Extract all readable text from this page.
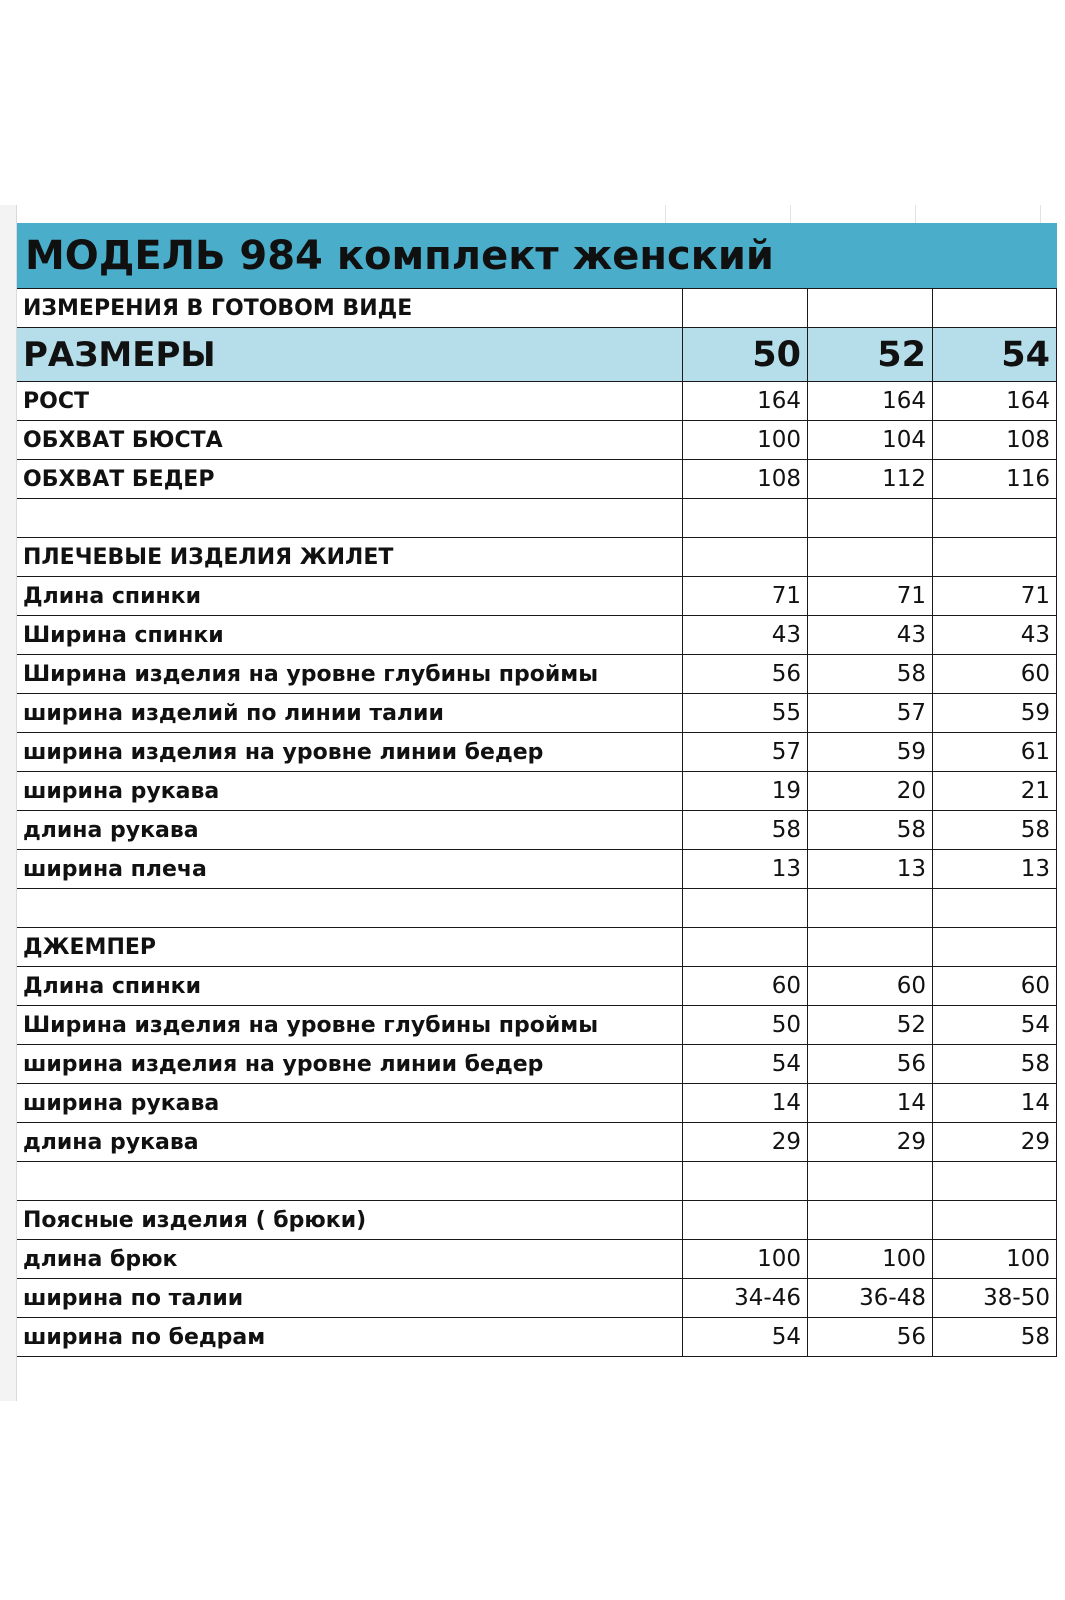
МОДЕЛЬ 984 комплект женский
ИЗМЕРЕНИЯ В ГОТОВОМ ВИДЕ
РАЗМЕРЫ	50	52	54
РОСТ	164	164	164
ОБХВАТ БЮСТА	100	104	108
ОБХВАТ БЕДЕР	108	112	116
ПЛЕЧЕВЫЕ ИЗДЕЛИЯ ЖИЛЕТ
Длина спинки	71	71	71
Ширина спинки	43	43	43
Ширина изделия на уровне глубины проймы	56	58	60
ширина изделий по линии талии	55	57	59
ширина изделия на уровне линии бедер	57	59	61
ширина рукава	19	20	21
длина рукава	58	58	58
ширина плеча	13	13	13
ДЖЕМПЕР
Длина спинки	60	60	60
Ширина изделия на уровне глубины проймы	50	52	54
ширина изделия на уровне линии бедер	54	56	58
ширина рукава	14	14	14
длина рукава	29	29	29
Поясные изделия ( брюки)
длина брюк	100	100	100
ширина по талии	34-46	36-48	38-50
ширина по бедрам	54	56	58
